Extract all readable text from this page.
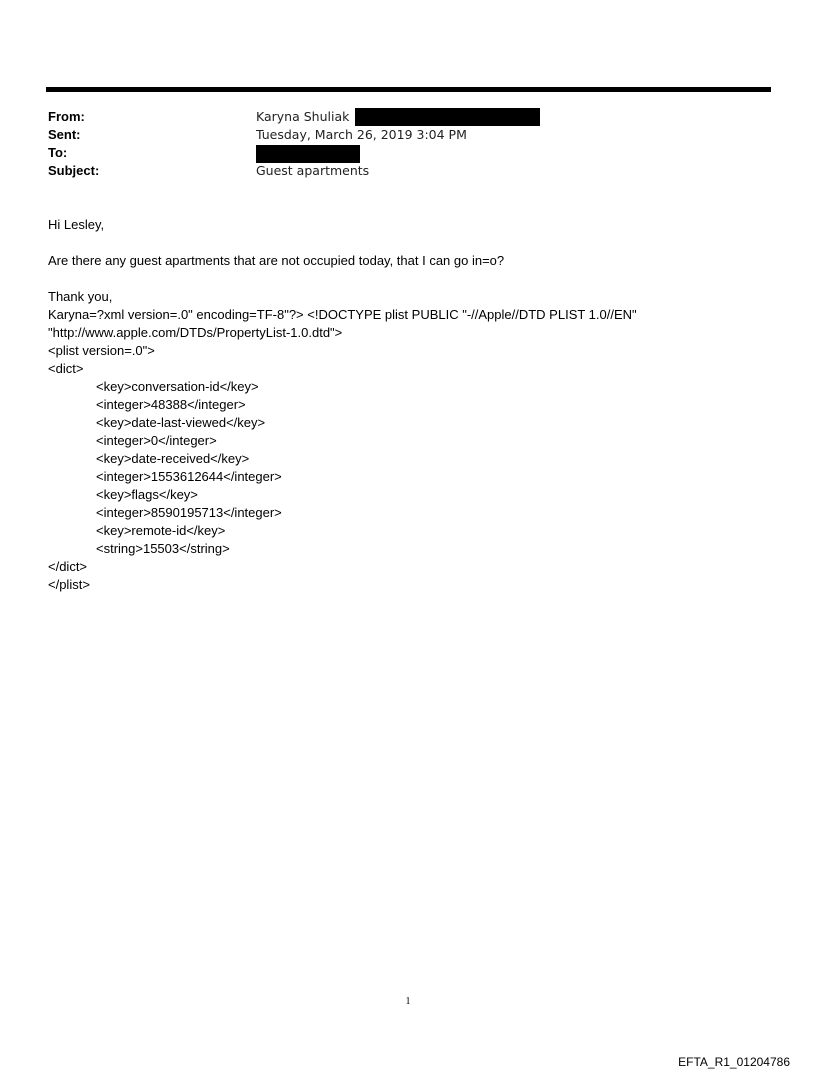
From:	Karyna Shuliak
Sent:	Tuesday, March 26, 2019 3:04 PM
To:
Subject:	Guest apartments
Hi Lesley,
Are there any guest apartments that are not occupied today, that I can go in=o?
Thank you,
Karyna=?xml version=.0" encoding=TF-8"?> <!DOCTYPE plist PUBLIC "-//Apple//DTD PLIST 1.0//EN"
"http://www.apple.com/DTDs/PropertyList-1.0.dtd">
<plist version=.0">
<dict>
<key>conversation-id</key>
<integer>48388</integer>
<key>date-last-viewed</key>
<integer>0</integer>
<key>date-received</key>
<integer>1553612644</integer>
<key>flags</key>
<integer>8590195713</integer>
<key>remote-id</key>
<string>15503</string>
</dict>
</plist>
1
EFTA_R1_01204786
